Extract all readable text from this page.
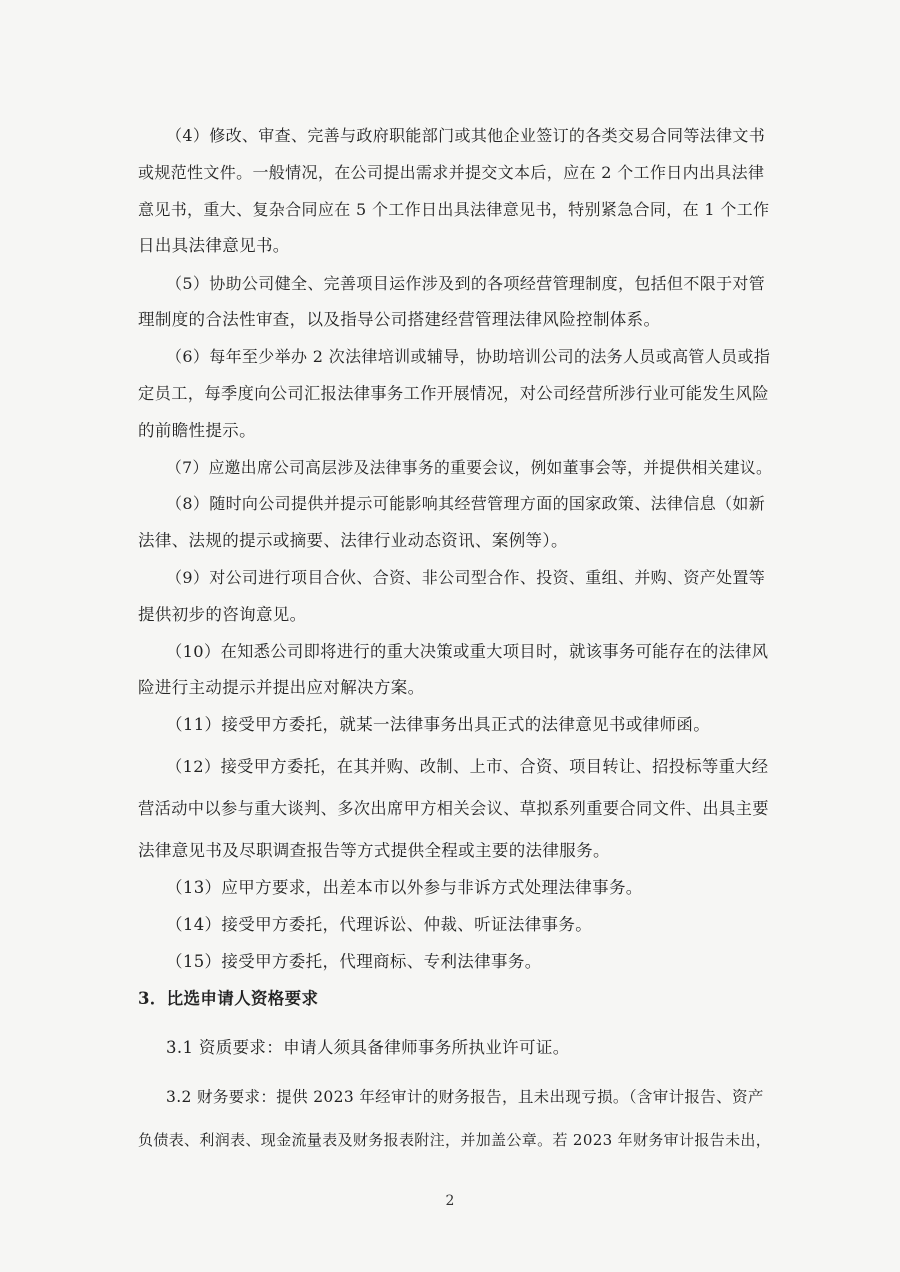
（4）修改、审查、完善与政府职能部门或其他企业签订的各类交易合同等法律文书
或规范性文件。一般情况，在公司提出需求并提交文本后，应在 2 个工作日内出具法律
意见书，重大、复杂合同应在 5 个工作日出具法律意见书，特别紧急合同，在 1 个工作
日出具法律意见书。
（5）协助公司健全、完善项目运作涉及到的各项经营管理制度，包括但不限于对管
理制度的合法性审查，以及指导公司搭建经营管理法律风险控制体系。
（6）每年至少举办 2 次法律培训或辅导，协助培训公司的法务人员或高管人员或指
定员工，每季度向公司汇报法律事务工作开展情况，对公司经营所涉行业可能发生风险
的前瞻性提示。
（7）应邀出席公司高层涉及法律事务的重要会议，例如董事会等，并提供相关建议。
（8）随时向公司提供并提示可能影响其经营管理方面的国家政策、法律信息（如新
法律、法规的提示或摘要、法律行业动态资讯、案例等）。
（9）对公司进行项目合伙、合资、非公司型合作、投资、重组、并购、资产处置等
提供初步的咨询意见。
（10）在知悉公司即将进行的重大决策或重大项目时，就该事务可能存在的法律风
险进行主动提示并提出应对解决方案。
（11）接受甲方委托，就某一法律事务出具正式的法律意见书或律师函。
（12）接受甲方委托，在其并购、改制、上市、合资、项目转让、招投标等重大经
营活动中以参与重大谈判、多次出席甲方相关会议、草拟系列重要合同文件、出具主要
法律意见书及尽职调查报告等方式提供全程或主要的法律服务。
（13）应甲方要求，出差本市以外参与非诉方式处理法律事务。
（14）接受甲方委托，代理诉讼、仲裁、听证法律事务。
（15）接受甲方委托，代理商标、专利法律事务。
3．比选申请人资格要求
3.1 资质要求：申请人须具备律师事务所执业许可证。
3.2 财务要求：提供 2023 年经审计的财务报告，且未出现亏损。（含审计报告、资产
负债表、利润表、现金流量表及财务报表附注，并加盖公章。若 2023 年财务审计报告未出，
2
